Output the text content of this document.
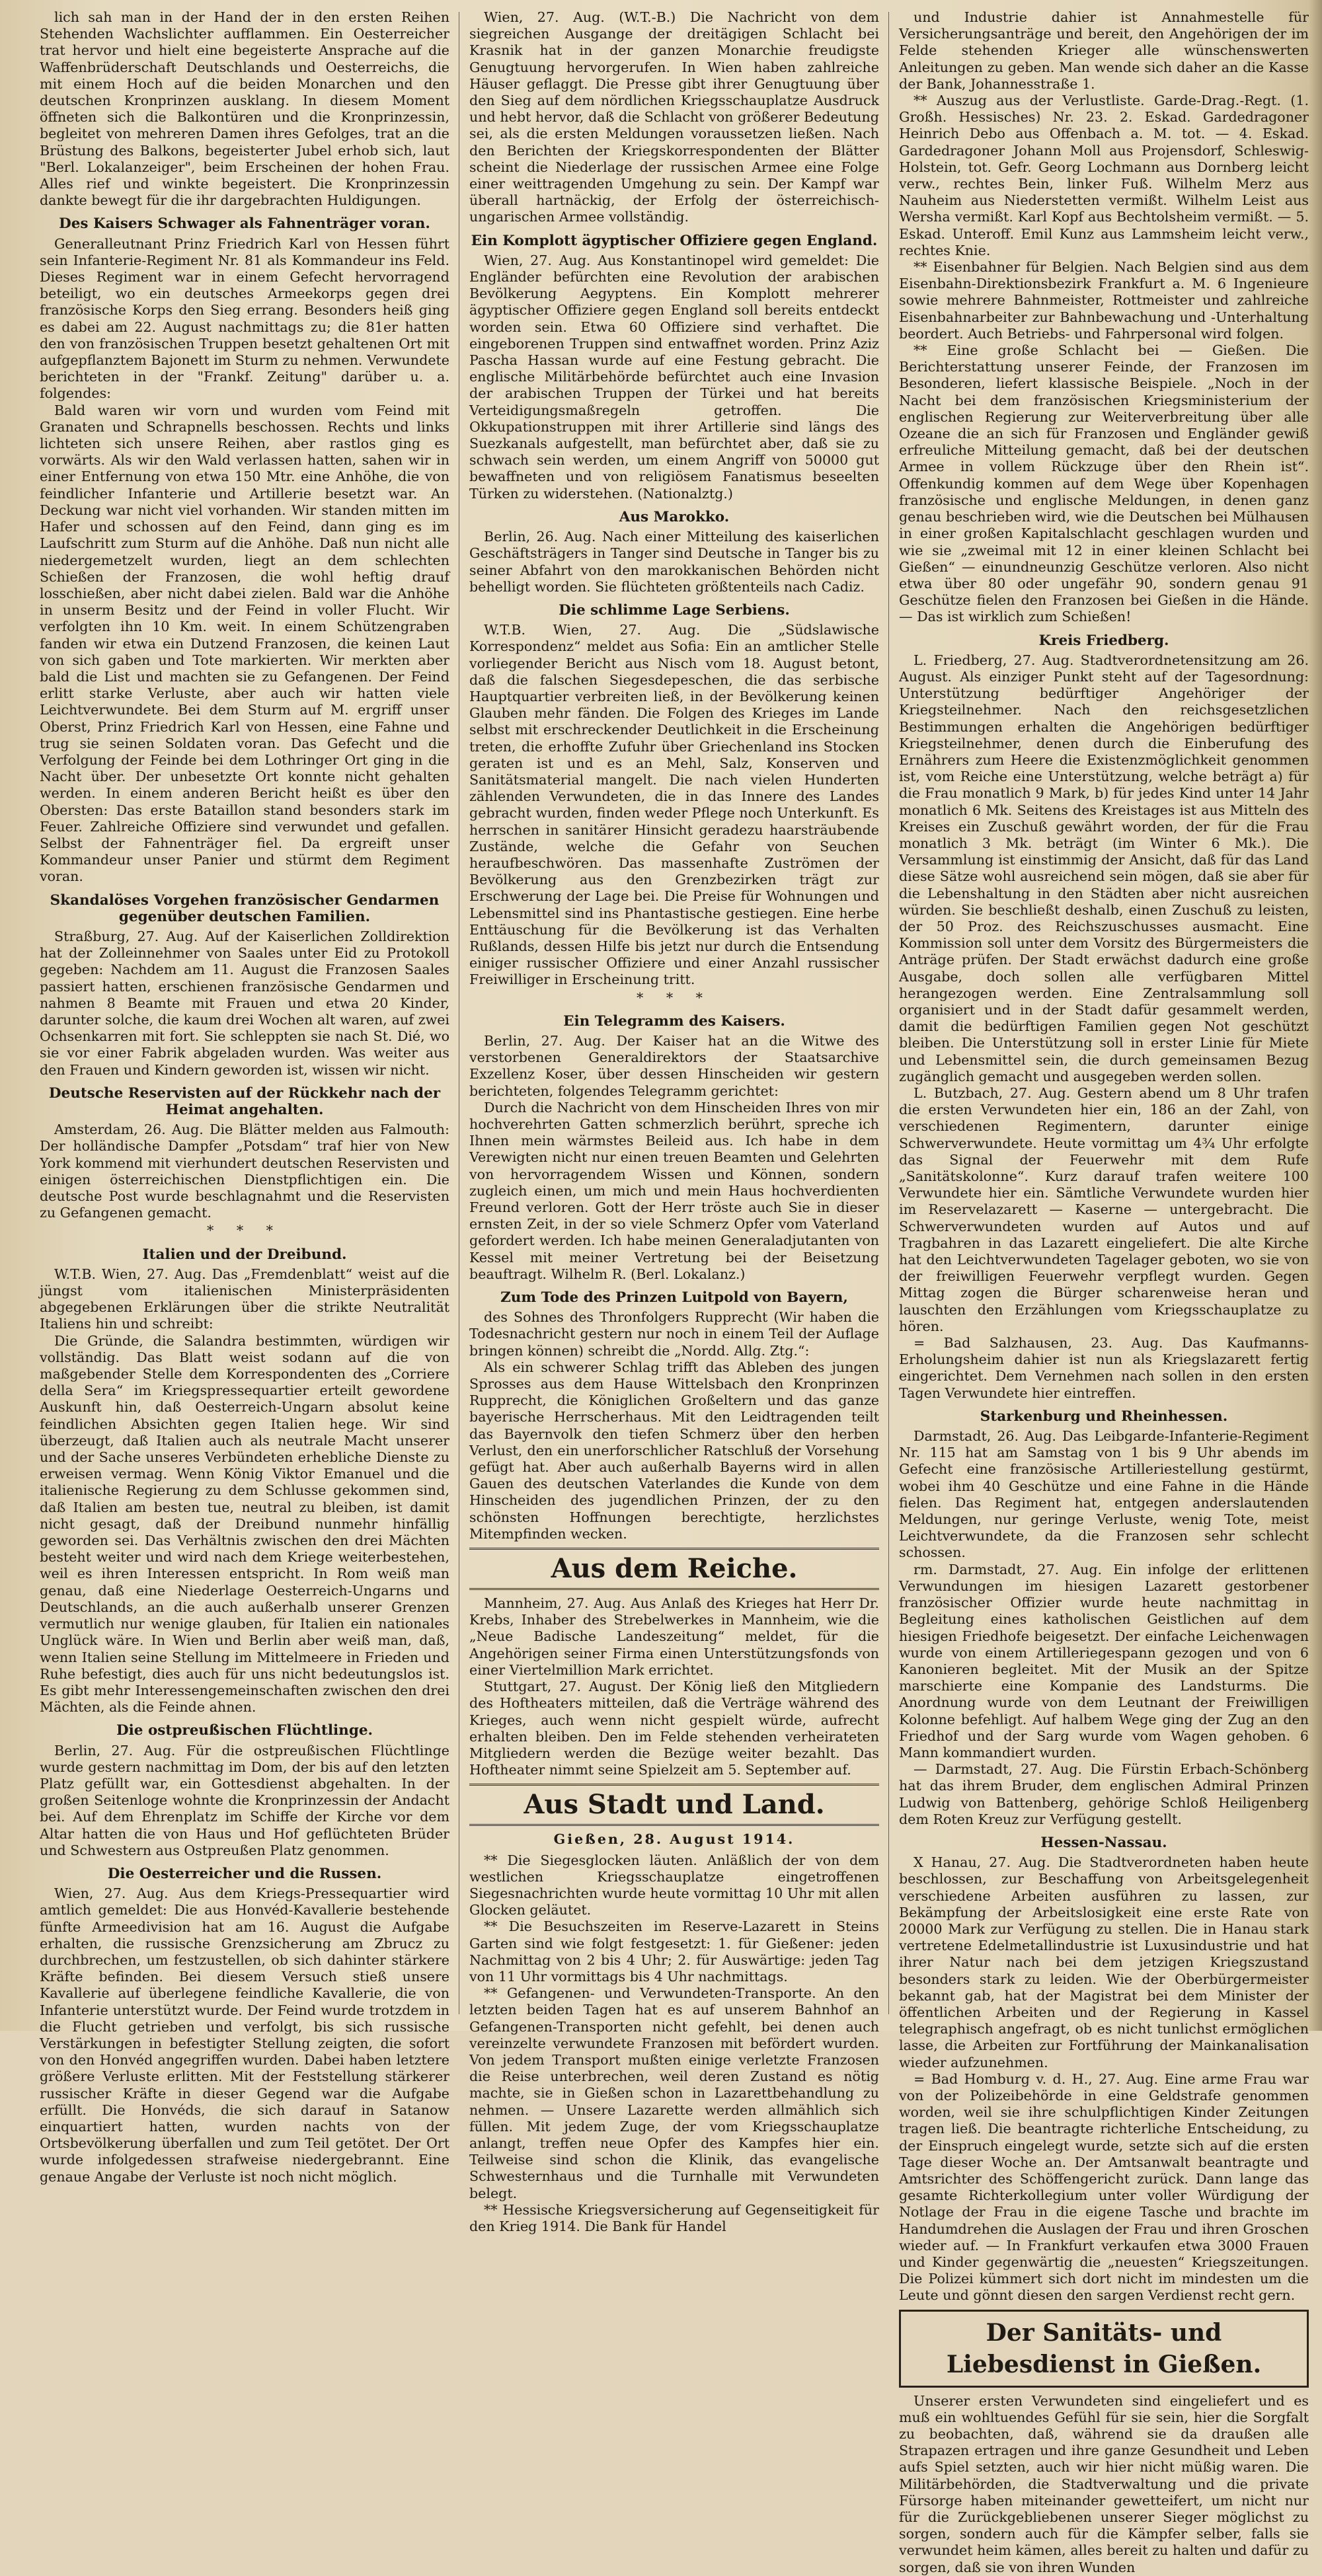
lich sah man in der Hand der in den ersten Reihen Stehenden Wachslichter aufflammen. Ein Oesterreicher trat hervor und hielt eine begeisterte Ansprache auf die Waffenbrüderschaft Deutschlands und Oesterreichs, die mit einem Hoch auf die beiden Monarchen und den deutschen Kronprinzen ausklang. In diesem Moment öffneten sich die Balkontüren und die Kronprinzessin, begleitet von mehreren Damen ihres Gefolges, trat an die Brüstung des Balkons, begeisterter Jubel erhob sich, laut "Berl. Lokalanzeiger", beim Erscheinen der hohen Frau. Alles rief und winkte begeistert. Die Kronprinzessin dankte bewegt für die ihr dargebrachten Huldigungen.
Des Kaisers Schwager als Fahnenträger voran.
Generalleutnant Prinz Friedrich Karl von Hessen führt sein Infanterie-Regiment Nr. 81 als Kommandeur ins Feld. Dieses Regiment war in einem Gefecht hervorragend beteiligt, wo ein deutsches Armeekorps gegen drei französische Korps den Sieg errang. Besonders heiß ging es dabei am 22. August nachmittags zu; die 81er hatten den von französischen Truppen besetzt gehaltenen Ort mit aufgepflanztem Bajonett im Sturm zu nehmen. Verwundete berichteten in der "Frankf. Zeitung" darüber u. a. folgendes:
Bald waren wir vorn und wurden vom Feind mit Granaten und Schrapnells beschossen. Rechts und links lichteten sich unsere Reihen, aber rastlos ging es vorwärts. Als wir den Wald verlassen hatten, sahen wir in einer Entfernung von etwa 150 Mtr. eine Anhöhe, die von feindlicher Infanterie und Artillerie besetzt war. An Deckung war nicht viel vorhanden. Wir standen mitten im Hafer und schossen auf den Feind, dann ging es im Laufschritt zum Sturm auf die Anhöhe. Daß nun nicht alle niedergemetzelt wurden, liegt an dem schlechten Schießen der Franzosen, die wohl heftig drauf losschießen, aber nicht dabei zielen. Bald war die Anhöhe in unserm Besitz und der Feind in voller Flucht. Wir verfolgten ihn 10 Km. weit. In einem Schützengraben fanden wir etwa ein Dutzend Franzosen, die keinen Laut von sich gaben und Tote markierten. Wir merkten aber bald die List und machten sie zu Gefangenen. Der Feind erlitt starke Verluste, aber auch wir hatten viele Leichtverwundete. Bei dem Sturm auf M. ergriff unser Oberst, Prinz Friedrich Karl von Hessen, eine Fahne und trug sie seinen Soldaten voran. Das Gefecht und die Verfolgung der Feinde bei dem Lothringer Ort ging in die Nacht über. Der unbesetzte Ort konnte nicht gehalten werden. In einem anderen Bericht heißt es über den Obersten: Das erste Bataillon stand besonders stark im Feuer. Zahlreiche Offiziere sind verwundet und gefallen. Selbst der Fahnenträger fiel. Da ergreift unser Kommandeur unser Panier und stürmt dem Regiment voran.
Skandalöses Vorgehen französischer Gendarmen gegenüber deutschen Familien.
Straßburg, 27. Aug. Auf der Kaiserlichen Zolldirektion hat der Zolleinnehmer von Saales unter Eid zu Protokoll gegeben: Nachdem am 11. August die Franzosen Saales passiert hatten, erschienen französische Gendarmen und nahmen 8 Beamte mit Frauen und etwa 20 Kinder, darunter solche, die kaum drei Wochen alt waren, auf zwei Ochsenkarren mit fort. Sie schleppten sie nach St. Dié, wo sie vor einer Fabrik abgeladen wurden. Was weiter aus den Frauen und Kindern geworden ist, wissen wir nicht.
Deutsche Reservisten auf der Rückkehr nach der Heimat angehalten.
Amsterdam, 26. Aug. Die Blätter melden aus Falmouth: Der holländische Dampfer „Potsdam“ traf hier von New York kommend mit vierhundert deutschen Reservisten und einigen österreichischen Dienstpflichtigen ein. Die deutsche Post wurde beschlagnahmt und die Reservisten zu Gefangenen gemacht.
* * *
Italien und der Dreibund.
W.T.B. Wien, 27. Aug. Das „Fremdenblatt“ weist auf die jüngst vom italienischen Ministerpräsidenten abgegebenen Erklärungen über die strikte Neutralität Italiens hin und schreibt:
Die Gründe, die Salandra bestimmten, würdigen wir vollständig. Das Blatt weist sodann auf die von maßgebender Stelle dem Korrespondenten des „Corriere della Sera“ im Kriegspressequartier erteilt gewordene Auskunft hin, daß Oesterreich-Ungarn absolut keine feindlichen Absichten gegen Italien hege. Wir sind überzeugt, daß Italien auch als neutrale Macht unserer und der Sache unseres Verbündeten erhebliche Dienste zu erweisen vermag. Wenn König Viktor Emanuel und die italienische Regierung zu dem Schlusse gekommen sind, daß Italien am besten tue, neutral zu bleiben, ist damit nicht gesagt, daß der Dreibund nunmehr hinfällig geworden sei. Das Verhältnis zwischen den drei Mächten besteht weiter und wird nach dem Kriege weiterbestehen, weil es ihren Interessen entspricht. In Rom weiß man genau, daß eine Niederlage Oesterreich-Ungarns und Deutschlands, an die auch außerhalb unserer Grenzen vermutlich nur wenige glauben, für Italien ein nationales Unglück wäre. In Wien und Berlin aber weiß man, daß, wenn Italien seine Stellung im Mittelmeere in Frieden und Ruhe befestigt, dies auch für uns nicht bedeutungslos ist. Es gibt mehr Interessengemeinschaften zwischen den drei Mächten, als die Feinde ahnen.
Die ostpreußischen Flüchtlinge.
Berlin, 27. Aug. Für die ostpreußischen Flüchtlinge wurde gestern nachmittag im Dom, der bis auf den letzten Platz gefüllt war, ein Gottesdienst abgehalten. In der großen Seitenloge wohnte die Kronprinzessin der Andacht bei. Auf dem Ehrenplatz im Schiffe der Kirche vor dem Altar hatten die von Haus und Hof geflüchteten Brüder und Schwestern aus Ostpreußen Platz genommen.
Die Oesterreicher und die Russen.
Wien, 27. Aug. Aus dem Kriegs-Pressequartier wird amtlich gemeldet: Die aus Honvéd-Kavallerie bestehende fünfte Armeedivision hat am 16. August die Aufgabe erhalten, die russische Grenzsicherung am Zbrucz zu durchbrechen, um festzustellen, ob sich dahinter stärkere Kräfte befinden. Bei diesem Versuch stieß unsere Kavallerie auf überlegene feindliche Kavallerie, die von Infanterie unterstützt wurde. Der Feind wurde trotzdem in die Flucht getrieben und verfolgt, bis sich russische Verstärkungen in befestigter Stellung zeigten, die sofort von den Honvéd angegriffen wurden. Dabei haben letztere größere Verluste erlitten. Mit der Feststellung stärkerer russischer Kräfte in dieser Gegend war die Aufgabe erfüllt. Die Honvéds, die sich darauf in Satanow einquartiert hatten, wurden nachts von der Ortsbevölkerung überfallen und zum Teil getötet. Der Ort wurde infolgedessen strafweise niedergebrannt. Eine genaue Angabe der Verluste ist noch nicht möglich.
Wien, 27. Aug. (W.T.-B.) Die Nachricht von dem siegreichen Ausgange der dreitägigen Schlacht bei Krasnik hat in der ganzen Monarchie freudigste Genugtuung hervorgerufen. In Wien haben zahlreiche Häuser geflaggt. Die Presse gibt ihrer Genugtuung über den Sieg auf dem nördlichen Kriegsschauplatze Ausdruck und hebt hervor, daß die Schlacht von größerer Bedeutung sei, als die ersten Meldungen voraussetzen ließen. Nach den Berichten der Kriegskorrespondenten der Blätter scheint die Niederlage der russischen Armee eine Folge einer weittragenden Umgehung zu sein. Der Kampf war überall hartnäckig, der Erfolg der österreichisch-ungarischen Armee vollständig.
Ein Komplott ägyptischer Offiziere gegen England.
Wien, 27. Aug. Aus Konstantinopel wird gemeldet: Die Engländer befürchten eine Revolution der arabischen Bevölkerung Aegyptens. Ein Komplott mehrerer ägyptischer Offiziere gegen England soll bereits entdeckt worden sein. Etwa 60 Offiziere sind verhaftet. Die eingeborenen Truppen sind entwaffnet worden. Prinz Aziz Pascha Hassan wurde auf eine Festung gebracht. Die englische Militärbehörde befürchtet auch eine Invasion der arabischen Truppen der Türkei und hat bereits Verteidigungsmaßregeln getroffen. Die Okkupationstruppen mit ihrer Artillerie sind längs des Suezkanals aufgestellt, man befürchtet aber, daß sie zu schwach sein werden, um einem Angriff von 50000 gut bewaffneten und von religiösem Fanatismus beseelten Türken zu widerstehen. (Nationalztg.)
Aus Marokko.
Berlin, 26. Aug. Nach einer Mitteilung des kaiserlichen Geschäftsträgers in Tanger sind Deutsche in Tanger bis zu seiner Abfahrt von den marokkanischen Behörden nicht behelligt worden. Sie flüchteten größtenteils nach Cadiz.
Die schlimme Lage Serbiens.
W.T.B. Wien, 27. Aug. Die „Südslawische Korrespondenz“ meldet aus Sofia: Ein an amtlicher Stelle vorliegender Bericht aus Nisch vom 18. August betont, daß die falschen Siegesdepeschen, die das serbische Hauptquartier verbreiten ließ, in der Bevölkerung keinen Glauben mehr fänden. Die Folgen des Krieges im Lande selbst mit erschreckender Deutlichkeit in die Erscheinung treten, die erhoffte Zufuhr über Griechenland ins Stocken geraten ist und es an Mehl, Salz, Konserven und Sanitätsmaterial mangelt. Die nach vielen Hunderten zählenden Verwundeten, die in das Innere des Landes gebracht wurden, finden weder Pflege noch Unterkunft. Es herrschen in sanitärer Hinsicht geradezu haarsträubende Zustände, welche die Gefahr von Seuchen heraufbeschwören. Das massenhafte Zuströmen der Bevölkerung aus den Grenzbezirken trägt zur Erschwerung der Lage bei. Die Preise für Wohnungen und Lebensmittel sind ins Phantastische gestiegen. Eine herbe Enttäuschung für die Bevölkerung ist das Verhalten Rußlands, dessen Hilfe bis jetzt nur durch die Entsendung einiger russischer Offiziere und einer Anzahl russischer Freiwilliger in Erscheinung tritt.
* * *
Ein Telegramm des Kaisers.
Berlin, 27. Aug. Der Kaiser hat an die Witwe des verstorbenen Generaldirektors der Staatsarchive Exzellenz Koser, über dessen Hinscheiden wir gestern berichteten, folgendes Telegramm gerichtet:
Durch die Nachricht von dem Hinscheiden Ihres von mir hochverehrten Gatten schmerzlich berührt, spreche ich Ihnen mein wärmstes Beileid aus. Ich habe in dem Verewigten nicht nur einen treuen Beamten und Gelehrten von hervorragendem Wissen und Können, sondern zugleich einen, um mich und mein Haus hochverdienten Freund verloren. Gott der Herr tröste auch Sie in dieser ernsten Zeit, in der so viele Schmerz Opfer vom Vaterland gefordert werden. Ich habe meinen Generaladjutanten von Kessel mit meiner Vertretung bei der Beisetzung beauftragt. Wilhelm R. (Berl. Lokalanz.)
Zum Tode des Prinzen Luitpold von Bayern,
des Sohnes des Thronfolgers Rupprecht (Wir haben die Todesnachricht gestern nur noch in einem Teil der Auflage bringen können) schreibt die „Nordd. Allg. Ztg.“:
Als ein schwerer Schlag trifft das Ableben des jungen Sprosses aus dem Hause Wittelsbach den Kronprinzen Rupprecht, die Königlichen Großeltern und das ganze bayerische Herrscherhaus. Mit den Leidtragenden teilt das Bayernvolk den tiefen Schmerz über den herben Verlust, den ein unerforschlicher Ratschluß der Vorsehung gefügt hat. Aber auch außerhalb Bayerns wird in allen Gauen des deutschen Vaterlandes die Kunde von dem Hinscheiden des jugendlichen Prinzen, der zu den schönsten Hoffnungen berechtigte, herzlichstes Mitempfinden wecken.
Aus dem Reiche.
Mannheim, 27. Aug. Aus Anlaß des Krieges hat Herr Dr. Krebs, Inhaber des Strebelwerkes in Mannheim, wie die „Neue Badische Landeszeitung“ meldet, für die Angehörigen seiner Firma einen Unterstützungsfonds von einer Viertelmillion Mark errichtet.
Stuttgart, 27. August. Der König ließ den Mitgliedern des Hoftheaters mitteilen, daß die Verträge während des Krieges, auch wenn nicht gespielt würde, aufrecht erhalten bleiben. Den im Felde stehenden verheirateten Mitgliedern werden die Bezüge weiter bezahlt. Das Hoftheater nimmt seine Spielzeit am 5. September auf.
Aus Stadt und Land.
Gießen, 28. August 1914.
** Die Siegesglocken läuten. Anläßlich der von dem westlichen Kriegsschauplatze eingetroffenen Siegesnachrichten wurde heute vormittag 10 Uhr mit allen Glocken geläutet.
** Die Besuchszeiten im Reserve-Lazarett in Steins Garten sind wie folgt festgesetzt: 1. für Gießener: jeden Nachmittag von 2 bis 4 Uhr; 2. für Auswärtige: jeden Tag von 11 Uhr vormittags bis 4 Uhr nachmittags.
** Gefangenen- und Verwundeten-Transporte. An den letzten beiden Tagen hat es auf unserem Bahnhof an Gefangenen-Transporten nicht gefehlt, bei denen auch vereinzelte verwundete Franzosen mit befördert wurden. Von jedem Transport mußten einige verletzte Franzosen die Reise unterbrechen, weil deren Zustand es nötig machte, sie in Gießen schon in Lazarettbehandlung zu nehmen. — Unsere Lazarette werden allmählich sich füllen. Mit jedem Zuge, der vom Kriegsschauplatze anlangt, treffen neue Opfer des Kampfes hier ein. Teilweise sind schon die Klinik, das evangelische Schwesternhaus und die Turnhalle mit Verwundeten belegt.
** Hessische Kriegsversicherung auf Gegenseitigkeit für den Krieg 1914. Die Bank für Handel
und Industrie dahier ist Annahmestelle für Versicherungsanträge und bereit, den Angehörigen der im Felde stehenden Krieger alle wünschenswerten Anleitungen zu geben. Man wende sich daher an die Kasse der Bank, Johannesstraße 1.
** Auszug aus der Verlustliste. Garde-Drag.-Regt. (1. Großh. Hessisches) Nr. 23. 2. Eskad. Gardedragoner Heinrich Debo aus Offenbach a. M. tot. — 4. Eskad. Gardedragoner Johann Moll aus Projensdorf, Schleswig-Holstein, tot. Gefr. Georg Lochmann aus Dornberg leicht verw., rechtes Bein, linker Fuß. Wilhelm Merz aus Nauheim aus Niederstetten vermißt. Wilhelm Leist aus Wersha vermißt. Karl Kopf aus Bechtolsheim vermißt. — 5. Eskad. Unteroff. Emil Kunz aus Lammsheim leicht verw., rechtes Knie.
** Eisenbahner für Belgien. Nach Belgien sind aus dem Eisenbahn-Direktionsbezirk Frankfurt a. M. 6 Ingenieure sowie mehrere Bahnmeister, Rottmeister und zahlreiche Eisenbahnarbeiter zur Bahnbewachung und -Unterhaltung beordert. Auch Betriebs- und Fahrpersonal wird folgen.
** Eine große Schlacht bei — Gießen. Die Berichterstattung unserer Feinde, der Franzosen im Besonderen, liefert klassische Beispiele. „Noch in der Nacht bei dem französischen Kriegsministerium der englischen Regierung zur Weiterverbreitung über alle Ozeane die an sich für Franzosen und Engländer gewiß erfreuliche Mitteilung gemacht, daß bei der deutschen Armee in vollem Rückzuge über den Rhein ist“. Offenkundig kommen auf dem Wege über Kopenhagen französische und englische Meldungen, in denen ganz genau beschrieben wird, wie die Deutschen bei Mülhausen in einer großen Kapitalschlacht geschlagen wurden und wie sie „zweimal mit 12 in einer kleinen Schlacht bei Gießen“ — einundneunzig Geschütze verloren. Also nicht etwa über 80 oder ungefähr 90, sondern genau 91 Geschütze fielen den Franzosen bei Gießen in die Hände. — Das ist wirklich zum Schießen!
Kreis Friedberg.
L. Friedberg, 27. Aug. Stadtverordnetensitzung am 26. August. Als einziger Punkt steht auf der Tagesordnung: Unterstützung bedürftiger Angehöriger der Kriegsteilnehmer. Nach den reichsgesetzlichen Bestimmungen erhalten die Angehörigen bedürftiger Kriegsteilnehmer, denen durch die Einberufung des Ernährers zum Heere die Existenzmöglichkeit genommen ist, vom Reiche eine Unterstützung, welche beträgt a) für die Frau monatlich 9 Mark, b) für jedes Kind unter 14 Jahr monatlich 6 Mk. Seitens des Kreistages ist aus Mitteln des Kreises ein Zuschuß gewährt worden, der für die Frau monatlich 3 Mk. beträgt (im Winter 6 Mk.). Die Versammlung ist einstimmig der Ansicht, daß für das Land diese Sätze wohl ausreichend sein mögen, daß sie aber für die Lebenshaltung in den Städten aber nicht ausreichen würden. Sie beschließt deshalb, einen Zuschuß zu leisten, der 50 Proz. des Reichszuschusses ausmacht. Eine Kommission soll unter dem Vorsitz des Bürgermeisters die Anträge prüfen. Der Stadt erwächst dadurch eine große Ausgabe, doch sollen alle verfügbaren Mittel herangezogen werden. Eine Zentralsammlung soll organisiert und in der Stadt dafür gesammelt werden, damit die bedürftigen Familien gegen Not geschützt bleiben. Die Unterstützung soll in erster Linie für Miete und Lebensmittel sein, die durch gemeinsamen Bezug zugänglich gemacht und ausgegeben werden sollen.
L. Butzbach, 27. Aug. Gestern abend um 8 Uhr trafen die ersten Verwundeten hier ein, 186 an der Zahl, von verschiedenen Regimentern, darunter einige Schwerverwundete. Heute vormittag um 4¾ Uhr erfolgte das Signal der Feuerwehr mit dem Rufe „Sanitätskolonne“. Kurz darauf trafen weitere 100 Verwundete hier ein. Sämtliche Verwundete wurden hier im Reservelazarett — Kaserne — untergebracht. Die Schwerverwundeten wurden auf Autos und auf Tragbahren in das Lazarett eingeliefert. Die alte Kirche hat den Leichtverwundeten Tagelager geboten, wo sie von der freiwilligen Feuerwehr verpflegt wurden. Gegen Mittag zogen die Bürger scharenweise heran und lauschten den Erzählungen vom Kriegsschauplatze zu hören.
= Bad Salzhausen, 23. Aug. Das Kaufmanns-Erholungsheim dahier ist nun als Kriegslazarett fertig eingerichtet. Dem Vernehmen nach sollen in den ersten Tagen Verwundete hier eintreffen.
Starkenburg und Rheinhessen.
Darmstadt, 26. Aug. Das Leibgarde-Infanterie-Regiment Nr. 115 hat am Samstag von 1 bis 9 Uhr abends im Gefecht eine französische Artilleriestellung gestürmt, wobei ihm 40 Geschütze und eine Fahne in die Hände fielen. Das Regiment hat, entgegen anderslautenden Meldungen, nur geringe Verluste, wenig Tote, meist Leichtverwundete, da die Franzosen sehr schlecht schossen.
rm. Darmstadt, 27. Aug. Ein infolge der erlittenen Verwundungen im hiesigen Lazarett gestorbener französischer Offizier wurde heute nachmittag in Begleitung eines katholischen Geistlichen auf dem hiesigen Friedhofe beigesetzt. Der einfache Leichenwagen wurde von einem Artilleriegespann gezogen und von 6 Kanonieren begleitet. Mit der Musik an der Spitze marschierte eine Kompanie des Landsturms. Die Anordnung wurde von dem Leutnant der Freiwilligen Kolonne befehligt. Auf halbem Wege ging der Zug an den Friedhof und der Sarg wurde vom Wagen gehoben. 6 Mann kommandiert wurden.
— Darmstadt, 27. Aug. Die Fürstin Erbach-Schönberg hat das ihrem Bruder, dem englischen Admiral Prinzen Ludwig von Battenberg, gehörige Schloß Heiligenberg dem Roten Kreuz zur Verfügung gestellt.
Hessen-Nassau.
X Hanau, 27. Aug. Die Stadtverordneten haben heute beschlossen, zur Beschaffung von Arbeitsgelegenheit verschiedene Arbeiten ausführen zu lassen, zur Bekämpfung der Arbeitslosigkeit eine erste Rate von 20000 Mark zur Verfügung zu stellen. Die in Hanau stark vertretene Edelmetallindustrie ist Luxusindustrie und hat ihrer Natur nach bei dem jetzigen Kriegszustand besonders stark zu leiden. Wie der Oberbürgermeister bekannt gab, hat der Magistrat bei dem Minister der öffentlichen Arbeiten und der Regierung in Kassel telegraphisch angefragt, ob es nicht tunlichst ermöglichen lasse, die Arbeiten zur Fortführung der Mainkanalisation wieder aufzunehmen.
= Bad Homburg v. d. H., 27. Aug. Eine arme Frau war von der Polizeibehörde in eine Geldstrafe genommen worden, weil sie ihre schulpflichtigen Kinder Zeitungen tragen ließ. Die beantragte richterliche Entscheidung, zu der Einspruch eingelegt wurde, setzte sich auf die ersten Tage dieser Woche an. Der Amtsanwalt beantragte und Amtsrichter des Schöffengericht zurück. Dann lange das gesamte Richterkollegium unter voller Würdigung der Notlage der Frau in die eigene Tasche und brachte im Handumdrehen die Auslagen der Frau und ihren Groschen wieder auf. — In Frankfurt verkaufen etwa 3000 Frauen und Kinder gegenwärtig die „neuesten“ Kriegszeitungen. Die Polizei kümmert sich dort nicht im mindesten um die Leute und gönnt diesen den sargen Verdienst recht gern.
Der Sanitäts- und Liebesdienst in Gießen.
Unserer ersten Verwundeten sind eingeliefert und es muß ein wohltuendes Gefühl für sie sein, hier die Sorgfalt zu beobachten, daß, während sie da draußen alle Strapazen ertragen und ihre ganze Gesundheit und Leben aufs Spiel setzten, auch wir hier nicht müßig waren. Die Militärbehörden, die Stadtverwaltung und die private Fürsorge haben miteinander gewetteifert, um nicht nur für die Zurückgebliebenen unserer Sieger möglichst zu sorgen, sondern auch für die Kämpfer selber, falls sie verwundet heim kämen, alles bereit zu halten und dafür zu sorgen, daß sie von ihren Wunden
